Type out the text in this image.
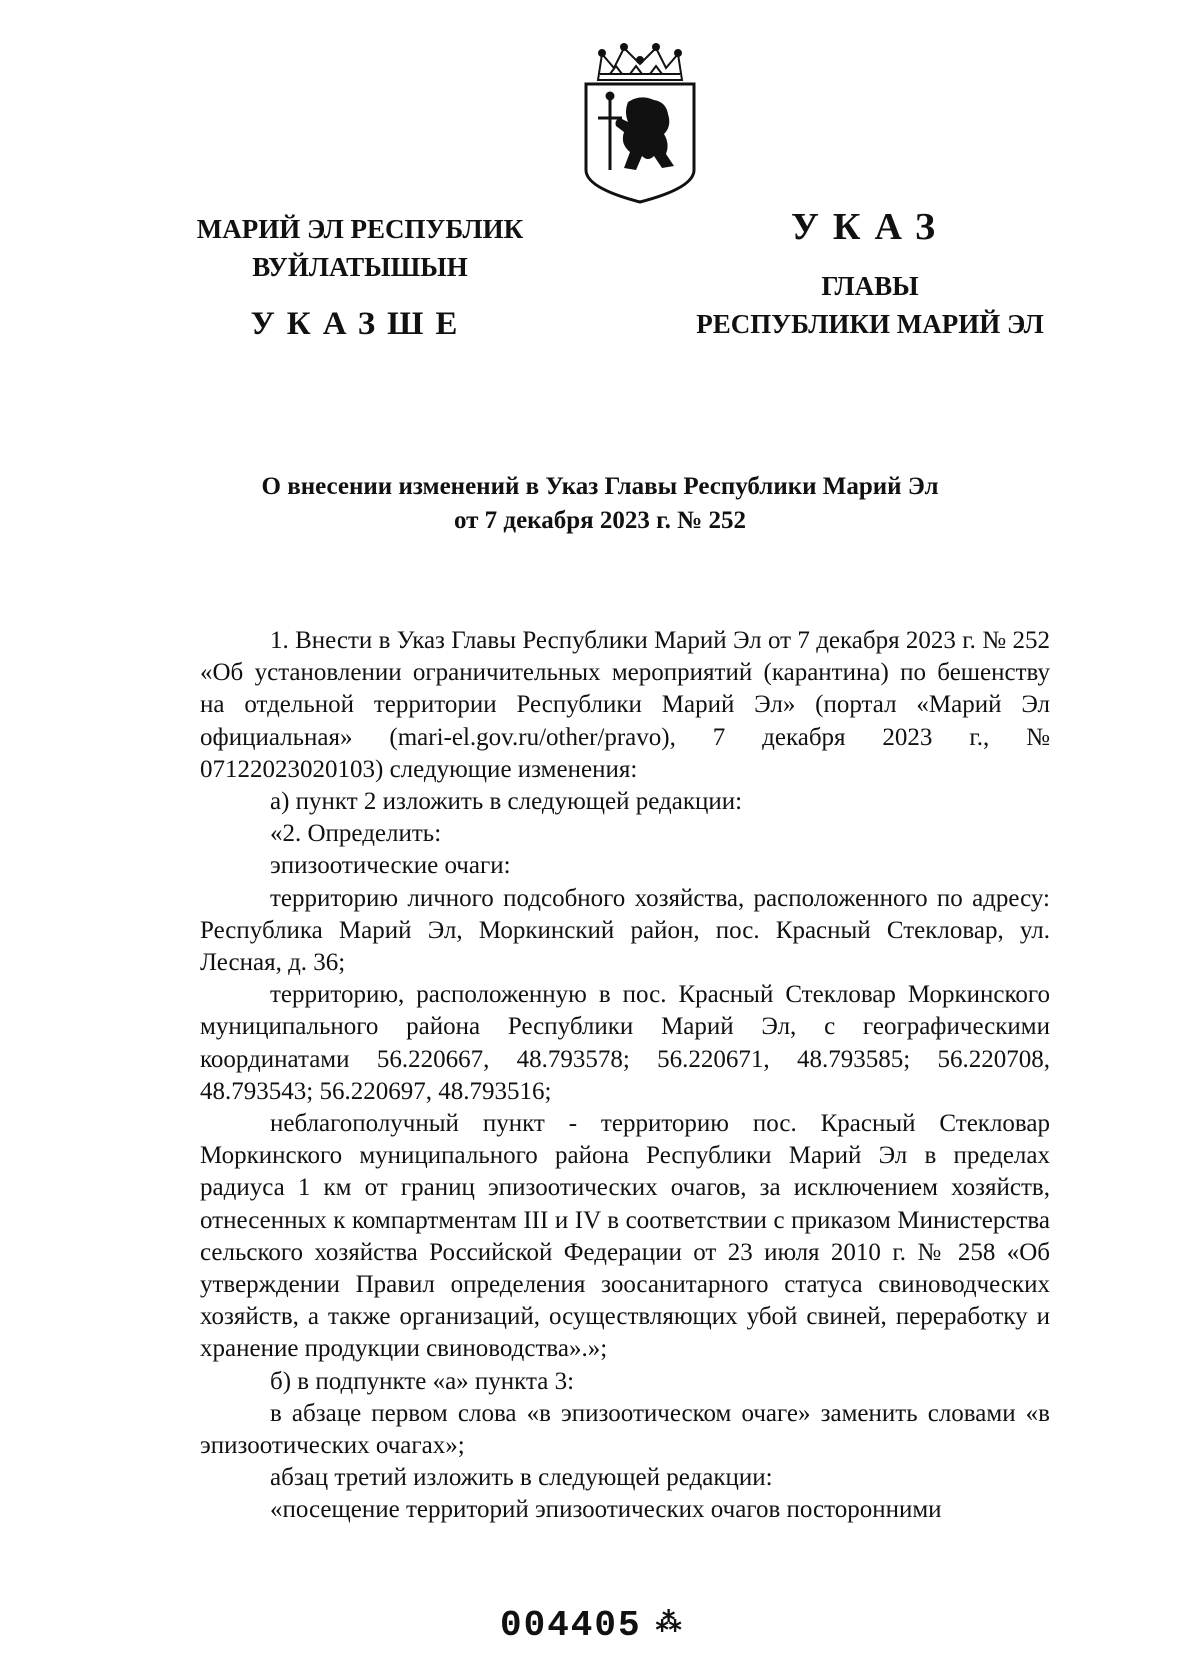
МАРИЙ ЭЛ РЕСПУБЛИК
ВУЙЛАТЫШЫН
УКАЗШЕ
УКАЗ
ГЛАВЫ
РЕСПУБЛИКИ МАРИЙ ЭЛ
О внесении изменений в Указ Главы Республики Марий Эл
от 7 декабря 2023 г. № 252

1. Внести в Указ Главы Республики Марий Эл от 7 декабря 2023 г. № 252 «Об установлении ограничительных мероприятий (карантина) по бешенству на отдельной территории Республики Марий Эл» (портал «Марий Эл официальная» (mari-el.gov.ru/other/pravo), 7 декабря 2023 г., № 07122023020103) следующие изменения:

а) пункт 2 изложить в следующей редакции:

«2. Определить:

эпизоотические очаги:

территорию личного подсобного хозяйства, расположенного по адресу: Республика Марий Эл, Моркинский район, пос. Красный Стекловар, ул. Лесная, д. 36;

территорию, расположенную в пос. Красный Стекловар Моркинского муниципального района Республики Марий Эл, с географическими координатами 56.220667, 48.793578; 56.220671, 48.793585; 56.220708, 48.793543; 56.220697, 48.793516;

неблагополучный пункт - территорию пос. Красный Стекловар Моркинского муниципального района Республики Марий Эл в пределах радиуса 1 км от границ эпизоотических очагов, за исключением хозяйств, отнесенных к компартментам III и IV в соответствии с приказом Министерства сельского хозяйства Российской Федерации от 23 июля 2010 г. № 258 «Об утверждении Правил определения зоосанитарного статуса свиноводческих хозяйств, а также организаций, осуществляющих убой свиней, переработку и хранение продукции свиноводства».»;

б) в подпункте «а» пункта 3:

в абзаце первом слова «в эпизоотическом очаге» заменить словами «в эпизоотических очагах»;

абзац третий изложить в следующей редакции:

«посещение территорий эпизоотических очагов посторонними

004405 ⁂
